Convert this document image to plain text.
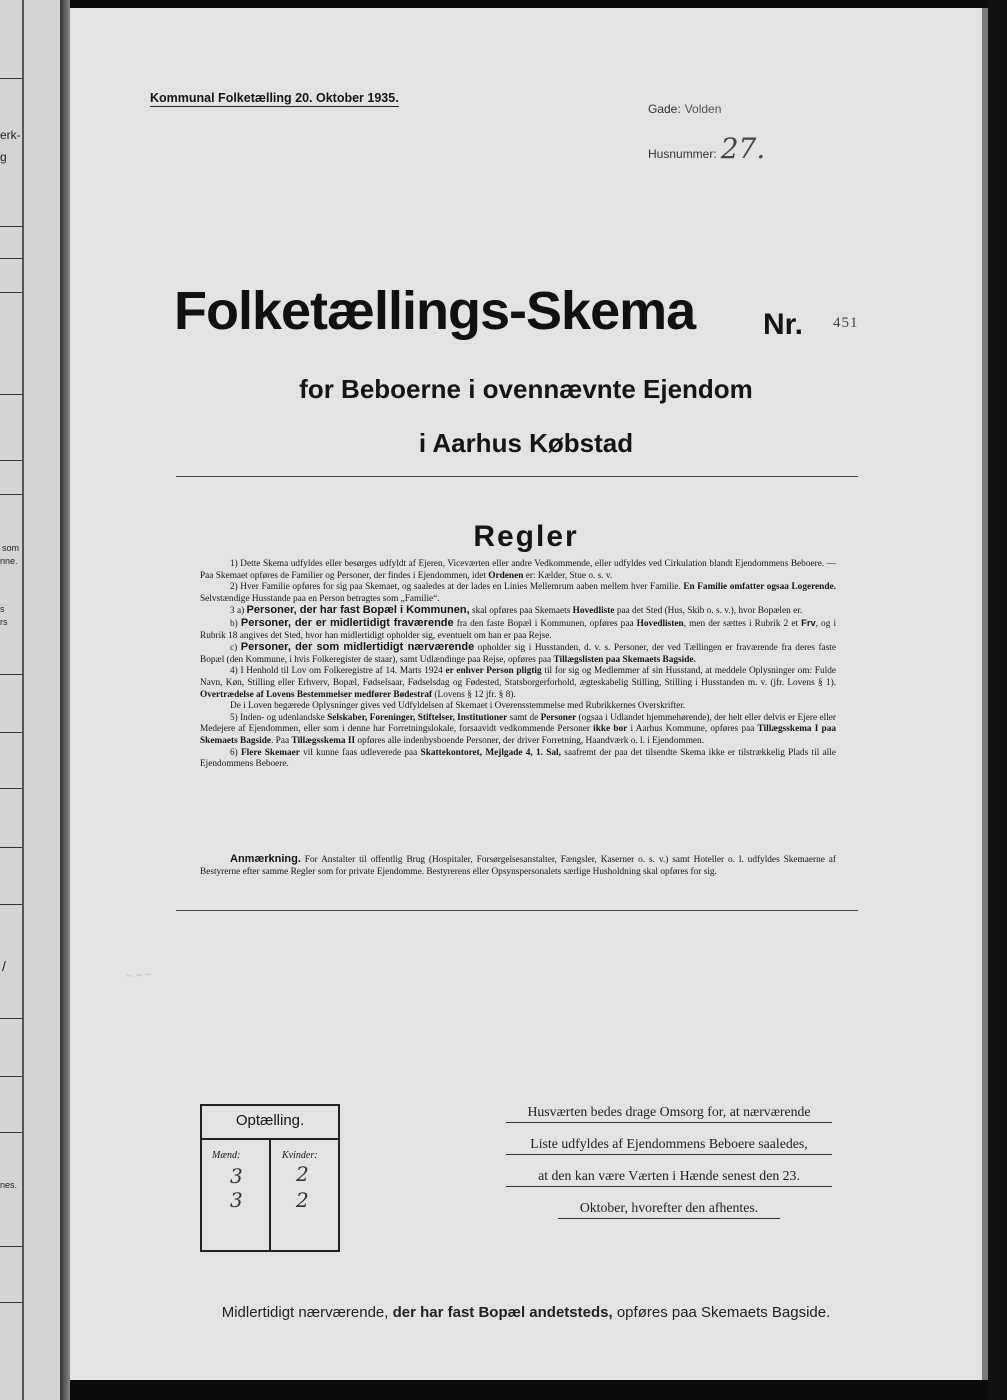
erk-
g
som
nne.
s
rs
/
nes.
Kommunal Folketælling 20. Oktober 1935.
Gade: Volden
Husnummer: 27.
Folketællings-Skema Nr. 451
for Beboerne i ovennævnte Ejendom
i Aarhus Købstad
Regler

1) Dette Skema udfyldes eller besørges udfyldt af Ejeren, Viceværten eller andre Vedkommende, eller udfyldes ved Cirkulation blandt Ejendommens Beboere. — Paa Skemaet opføres de Familier og Personer, der findes i Ejendommen, idet Ordenen er: Kælder, Stue o. s. v.

2) Hver Familie opføres for sig paa Skemaet, og saaledes at der lades en Linies Mellemrum aaben mellem hver Familie. En Familie omfatter ogsaa Logerende. Selvstændige Husstande paa en Person betragtes som „Familie“.

3 a) Personer, der har fast Bopæl i Kommunen, skal opføres paa Skemaets Hovedliste paa det Sted (Hus, Skib o. s. v.), hvor Bopælen er.

b) Personer, der er midlertidigt fraværende fra den faste Bopæl i Kommunen, opføres paa Hovedlisten, men der sættes i Rubrik 2 et Frv, og i Rubrik 18 angives det Sted, hvor han midlertidigt opholder sig, eventuelt om han er paa Rejse.

c) Personer, der som midlertidigt nærværende opholder sig i Husstanden, d. v. s. Personer, der ved Tællingen er fraværende fra deres faste Bopæl (den Kommune, i hvis Folkeregister de staar), samt Udlændinge paa Rejse, opføres paa Tillægslisten paa Skemaets Bagside.

4) I Henhold til Lov om Folkeregistre af 14. Marts 1924 er enhver Person pligtig til for sig og Medlemmer af sin Husstand, at meddele Oplysninger om: Fulde Navn, Køn, Stilling eller Erhverv, Bopæl, Fødselsaar, Fødselsdag og Fødested, Statsborgerforhold, ægteskabelig Stilling, Stilling i Husstanden m. v. (jfr. Lovens § 1). Overtrædelse af Lovens Bestemmelser medfører Bødestraf (Lovens § 12 jfr. § 8).

De i Loven begærede Oplysninger gives ved Udfyldelsen af Skemaet i Overensstemmelse med Rubrikkernes Overskrifter.

5) Inden- og udenlandske Selskaber, Foreninger, Stiftelser, Institutioner samt de Personer (ogsaa i Udlandet hjemmehørende), der helt eller delvis er Ejere eller Medejere af Ejendommen, eller som i denne har Forretningslokale, forsaavidt vedkommende Personer ikke bor i Aarhus Kommune, opføres paa Tillægsskema I paa Skemaets Bagside. Paa Tillægsskema II opføres alle indenbysboende Personer, der driver Forretning, Haandværk o. l. i Ejendommen.

6) Flere Skemaer vil kunne faas udleverede paa Skattekontoret, Mejlgade 4, 1. Sal, saafremt der paa det tilsendte Skema ikke er tilstrækkelig Plads til alle Ejendommens Beboere.

Anmærkning. For Anstalter til offentlig Brug (Hospitaler, Forsørgelsesanstalter, Fængsler, Kaserner o. s. v.) samt Hoteller o. l. udfyldes Skemaerne af Bestyrerne efter samme Regler som for private Ejendomme. Bestyrerens eller Opsynspersonalets særlige Husholdning skal opføres for sig.
~ ~ ~
Optælling.
Mænd:	Kvinder:
3
3
2
2
Husværten bedes drage Omsorg for, at nærværende
Liste udfyldes af Ejendommens Beboere saaledes,
at den kan være Værten i Hænde senest den 23.
Oktober, hvorefter den afhentes.
Midlertidigt nærværende, der har fast Bopæl andetsteds, opføres paa Skemaets Bagside.
